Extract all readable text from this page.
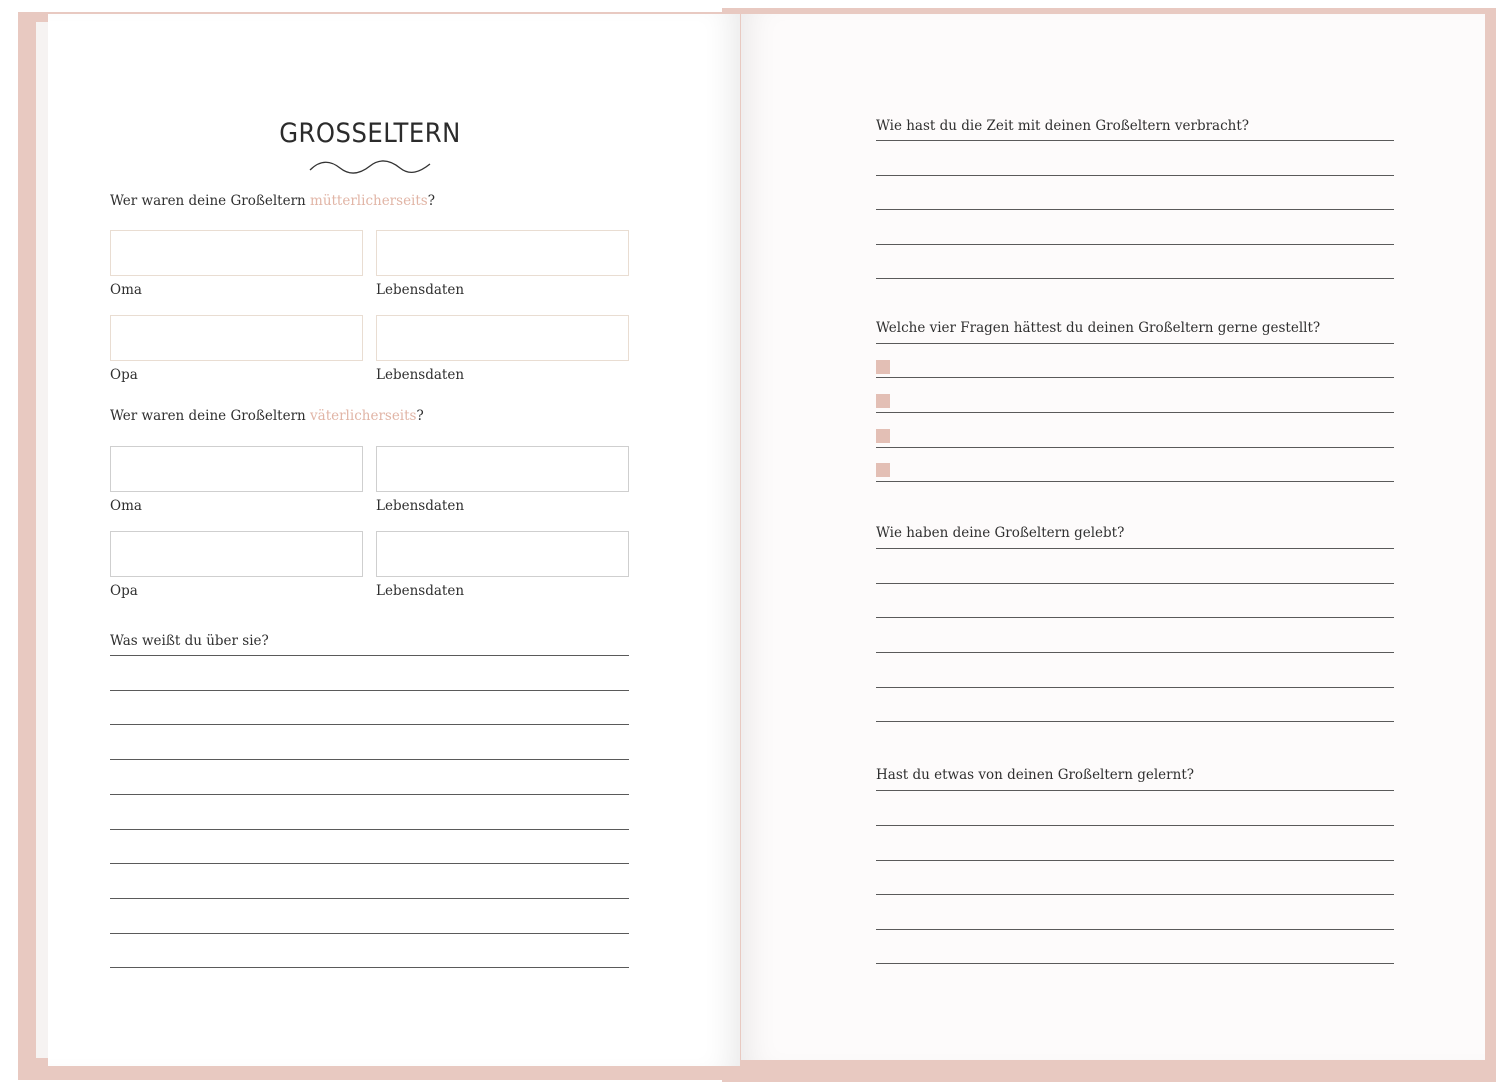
GROSSELTERN
Wer waren deine Großeltern mütterlicherseits?
Oma	Lebensdaten
Opa	Lebensdaten
Wer waren deine Großeltern väterlicherseits?
Oma	Lebensdaten
Opa	Lebensdaten
Was weißt du über sie?
Wie hast du die Zeit mit deinen Großeltern verbracht?
Welche vier Fragen hättest du deinen Großeltern gerne gestellt?
Wie haben deine Großeltern gelebt?
Hast du etwas von deinen Großeltern gelernt?
